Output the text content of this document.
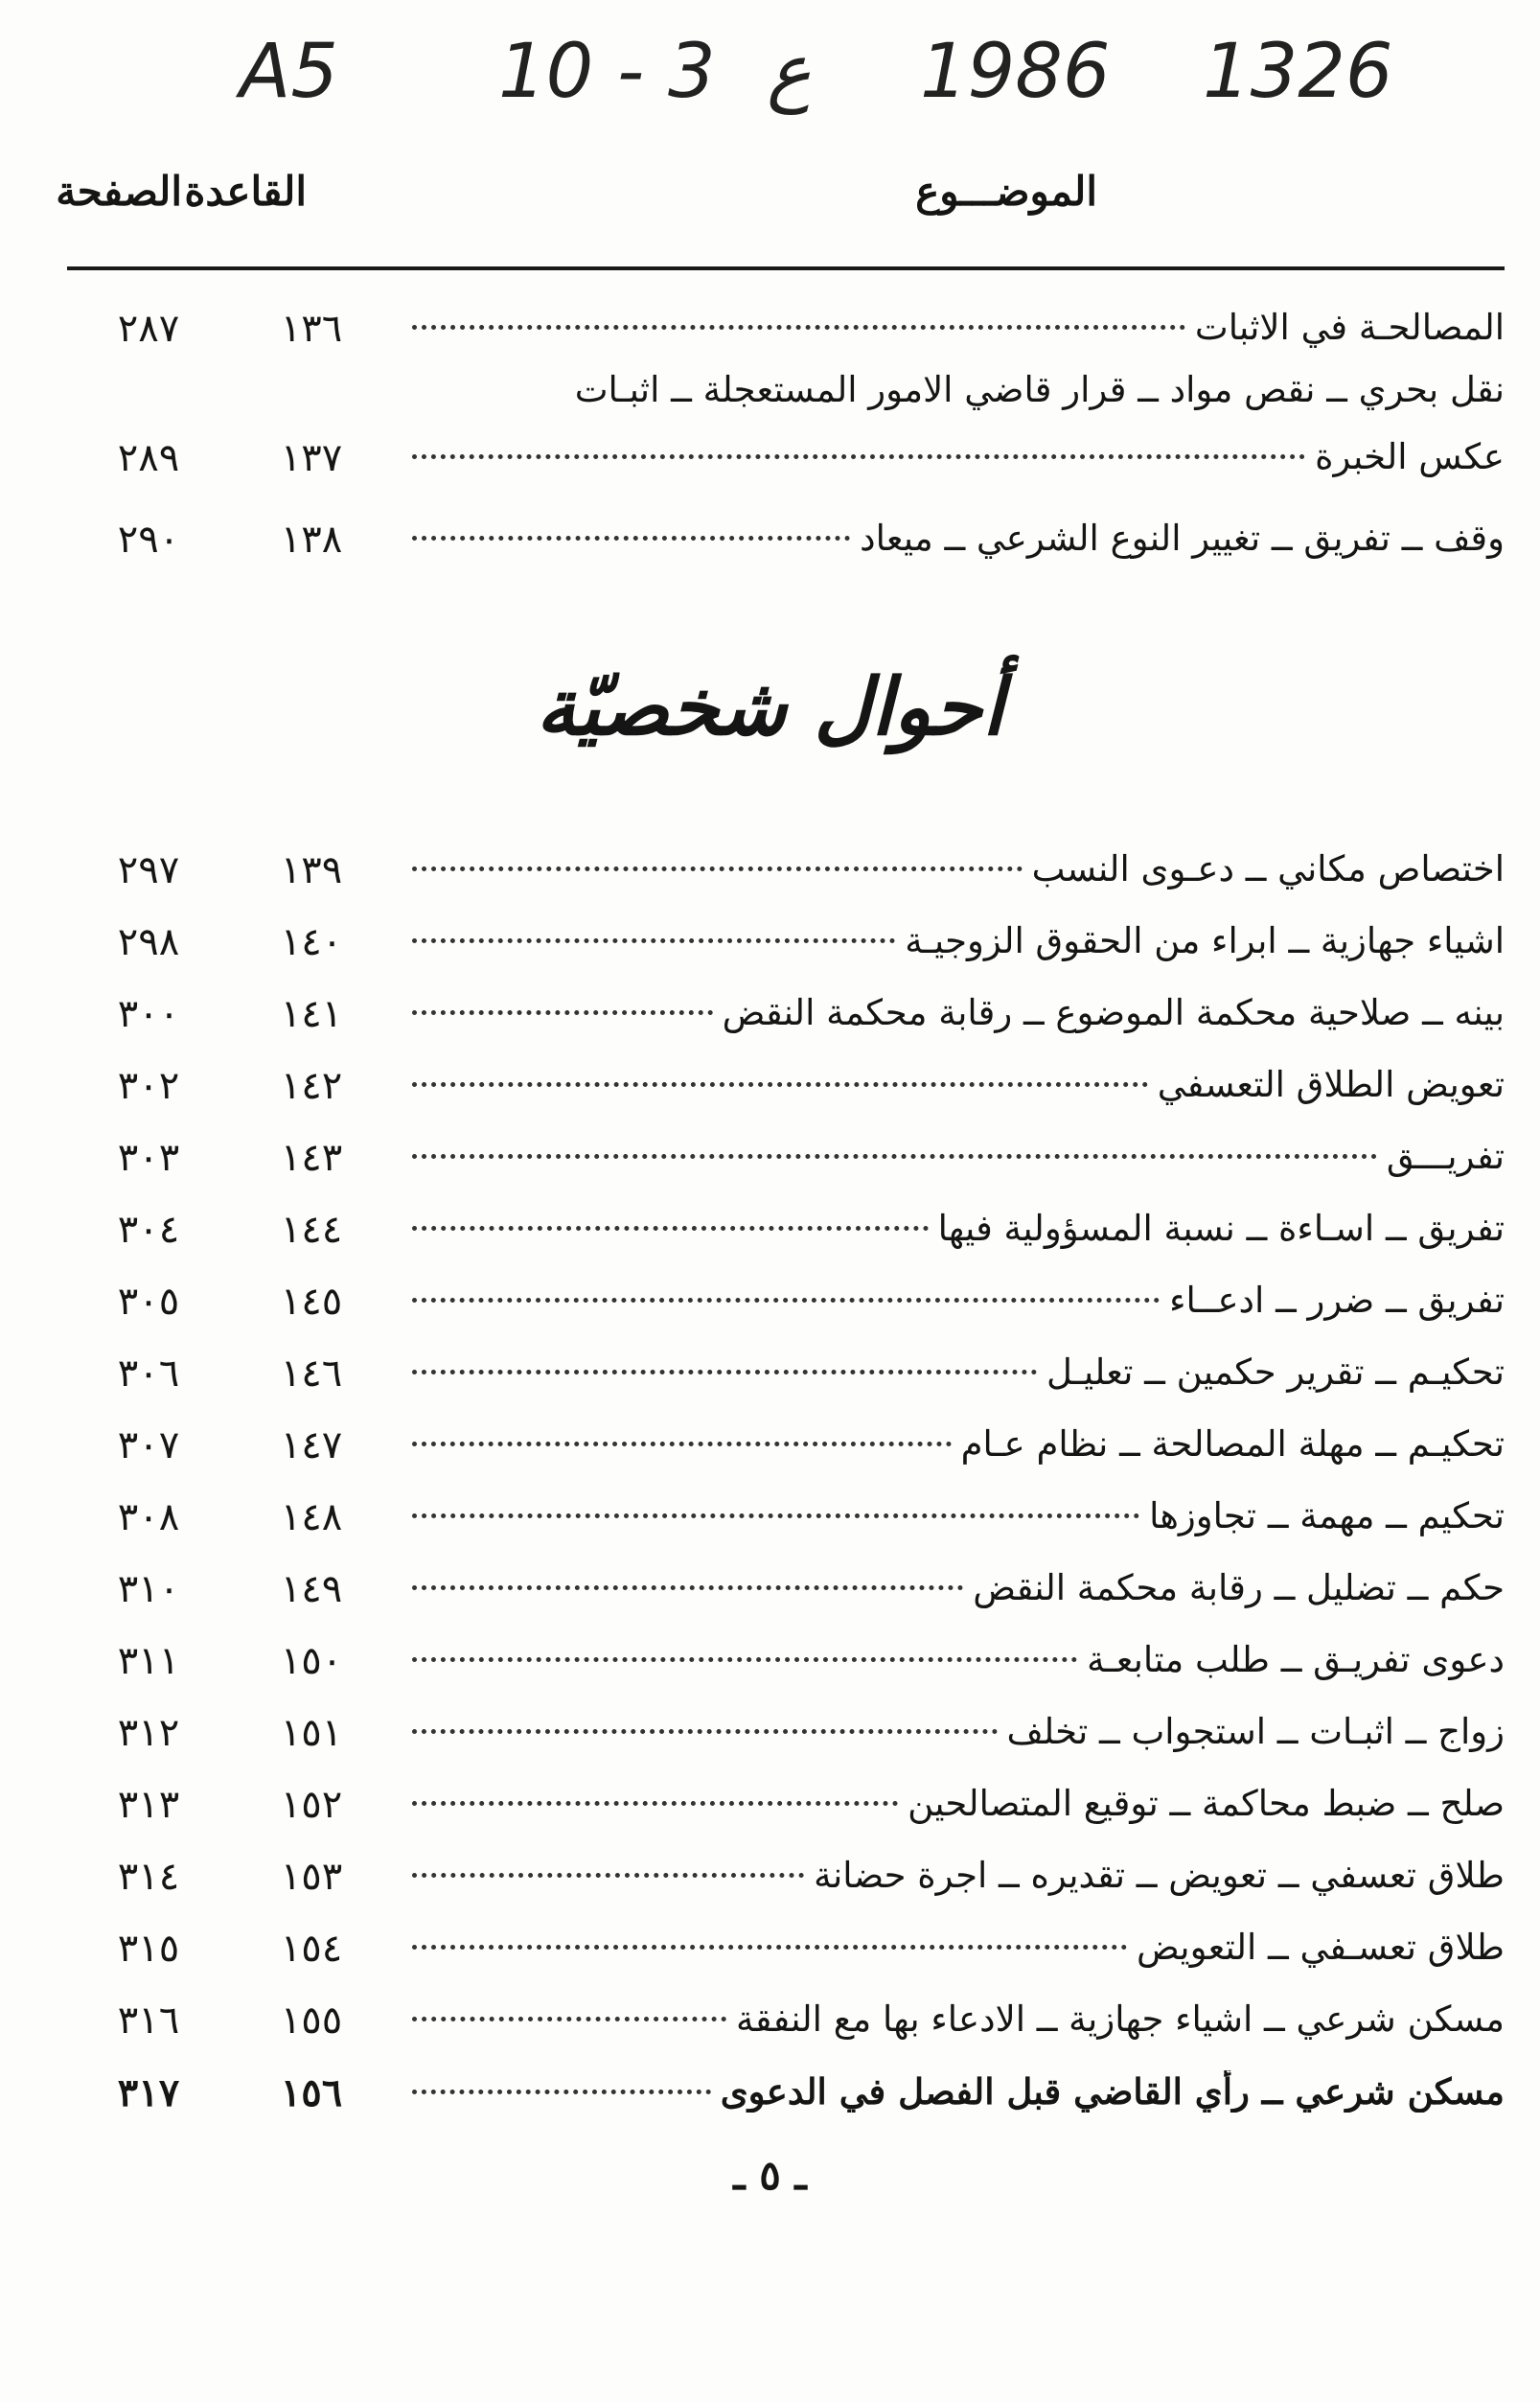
A5 10 - 3 ع 1986 1326
الموضـــوع
القاعدة
الصفحة
المصالحـة في الاثبات
١٣٦
٢٨٧
نقل بحري ــ نقص مواد ــ قرار قاضي الامور المستعجلة ــ اثبـات
عكس الخبرة
١٣٧
٢٨٩
وقف ــ تفريق ــ تغيير النوع الشرعي ــ ميعاد
١٣٨
٢٩٠
أحوال شخصيّة
اختصاص مكاني ــ دعـوى النسب
١٣٩
٢٩٧
اشياء جهازية ــ ابراء من الحقوق الزوجيـة
١٤٠
٢٩٨
بينه ــ صلاحية محكمة الموضوع ــ رقابة محكمة النقض
١٤١
٣٠٠
تعويض الطلاق التعسفي
١٤٢
٣٠٢
تفريـــق
١٤٣
٣٠٣
تفريق ــ اسـاءة ــ نسبة المسؤولية فيها
١٤٤
٣٠٤
تفريق ــ ضرر ــ ادعــاء
١٤٥
٣٠٥
تحكيـم ــ تقرير حكمين ــ تعليـل
١٤٦
٣٠٦
تحكيـم ــ مهلة المصالحة ــ نظام عـام
١٤٧
٣٠٧
تحكيم ــ مهمة ــ تجاوزها
١٤٨
٣٠٨
حكم ــ تضليل ــ رقابة محكمة النقض
١٤٩
٣١٠
دعوى تفريـق ــ طلب متابعـة
١٥٠
٣١١
زواج ــ اثبـات ــ استجواب ــ تخلف
١٥١
٣١٢
صلح ــ ضبط محاكمة ــ توقيع المتصالحين
١٥٢
٣١٣
طلاق تعسفي ــ تعويض ــ تقديره ــ اجرة حضانة
١٥٣
٣١٤
طلاق تعسـفي ــ التعويض
١٥٤
٣١٥
مسكن شرعي ــ اشياء جهازية ــ الادعاء بها مع النفقة
١٥٥
٣١٦
مسكن شرعي ــ رأي القاضي قبل الفصل في الدعوى
١٥٦
٣١٧
ـ ٥ ـ
